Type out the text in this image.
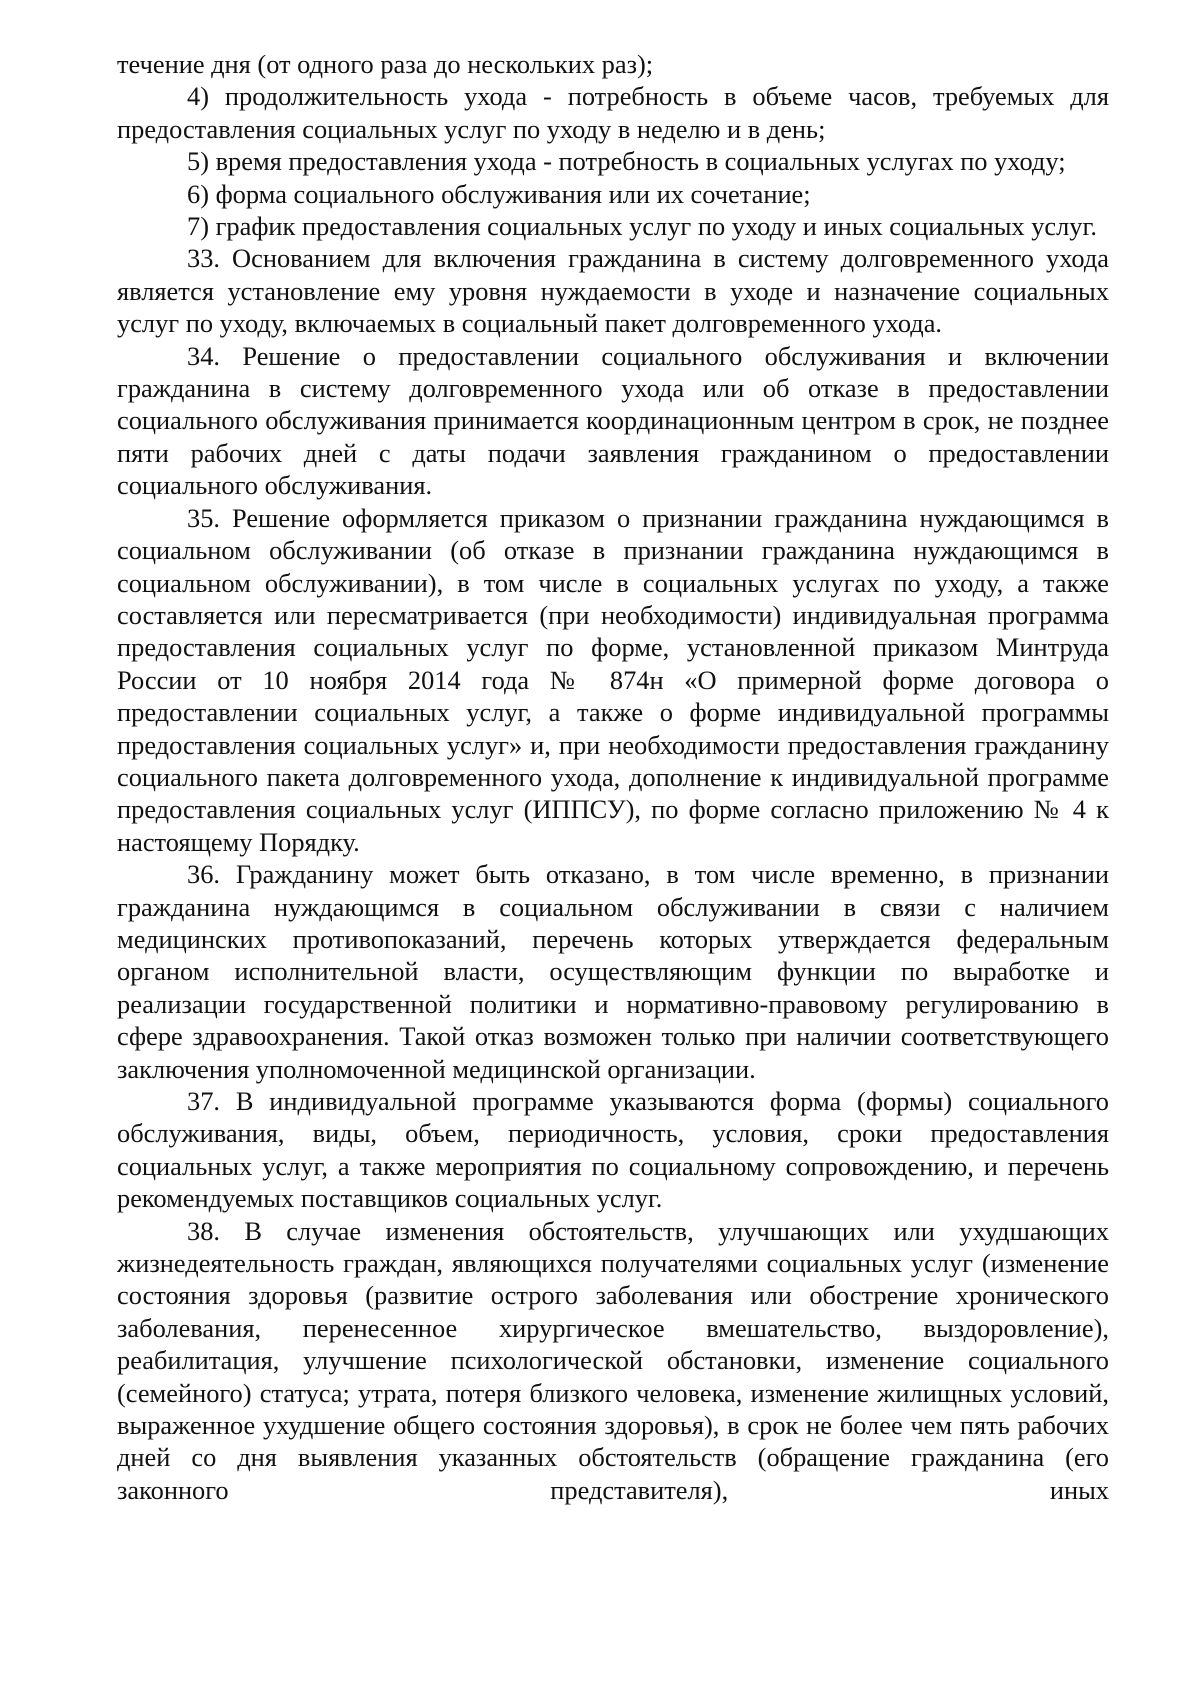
течение дня (от одного раза до нескольких раз);

4) продолжительность ухода - потребность в объеме часов, требуемых для предоставления социальных услуг по уходу в неделю и в день;

5) время предоставления ухода - потребность в социальных услугах по уходу;

6) форма социального обслуживания или их сочетание;

7) график предоставления социальных услуг по уходу и иных социальных услуг.

33. Основанием для включения гражданина в систему долговременного ухода является установление ему уровня нуждаемости в уходе и назначение социальных услуг по уходу, включаемых в социальный пакет долговременного ухода.

34. Решение о предоставлении социального обслуживания и включении гражданина в систему долговременного ухода или об отказе в предоставлении социального обслуживания принимается координационным центром в срок, не позднее пяти рабочих дней с даты подачи заявления гражданином о предоставлении социального обслуживания.

35. Решение оформляется приказом о признании гражданина нуждающимся в социальном обслуживании (об отказе в признании гражданина нуждающимся в социальном обслуживании), в том числе в социальных услугах по уходу, а также составляется или пересматривается (при необходимости) индивидуальная программа предоставления социальных услуг по форме, установленной приказом Минтруда России от 10 ноября 2014 года № 874н «О примерной форме договора о предоставлении социальных услуг, а также о форме индивидуальной программы предоставления социальных услуг» и, при необходимости предоставления гражданину социального пакета долговременного ухода, дополнение к индивидуальной программе предоставления социальных услуг (ИППСУ), по форме согласно приложению № 4 к настоящему Порядку.

36. Гражданину может быть отказано, в том числе временно, в признании гражданина нуждающимся в социальном обслуживании в связи с наличием медицинских противопоказаний, перечень которых утверждается федеральным органом исполнительной власти, осуществляющим функции по выработке и реализации государственной политики и нормативно-правовому регулированию в сфере здравоохранения. Такой отказ возможен только при наличии соответствующего заключения уполномоченной медицинской организации.

37. В индивидуальной программе указываются форма (формы) социального обслуживания, виды, объем, периодичность, условия, сроки предоставления социальных услуг, а также мероприятия по социальному сопровождению, и перечень рекомендуемых поставщиков социальных услуг.

38. В случае изменения обстоятельств, улучшающих или ухудшающих жизнедеятельность граждан, являющихся получателями социальных услуг (изменение состояния здоровья (развитие острого заболевания или обострение хронического заболевания, перенесенное хирургическое вмешательство, выздоровление), реабилитация, улучшение психологической обстановки, изменение социального (семейного) статуса; утрата, потеря близкого человека, изменение жилищных условий, выраженное ухудшение общего состояния здоровья), в срок не более чем пять рабочих дней со дня выявления указанных обстоятельств (обращение гражданина (его законного представителя), иных
